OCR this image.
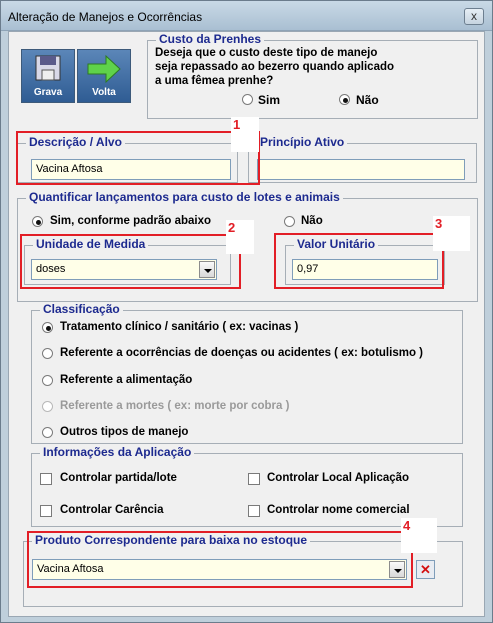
Alteração de Manejos e Ocorrências	x
Grava	Volta
Custo da Prenhes
Deseja que o custo deste tipo de manejo seja repassado ao bezerro quando aplicado a uma fêmea prenhe?
Sim	Não
Descrição / Alvo
Vacina Aftosa
Princípio Ativo
Quantificar lançamentos para custo de lotes e animais
Sim, conforme padrão abaixo	Não
Unidade de Medida
doses
Valor Unitário
0,97
Classificação
Tratamento clínico / sanitário ( ex: vacinas )
Referente a ocorrências de doenças ou acidentes ( ex: botulismo )
Referente a alimentação
Referente a mortes ( ex: morte por cobra )
Outros tipos de manejo
Informações da Aplicação
Controlar partida/lote	Controlar Local Aplicação
Controlar Carência	Controlar nome comercial
Produto Correspondente para baixa no estoque
Vacina Aftosa	✕
1
2	3
4
